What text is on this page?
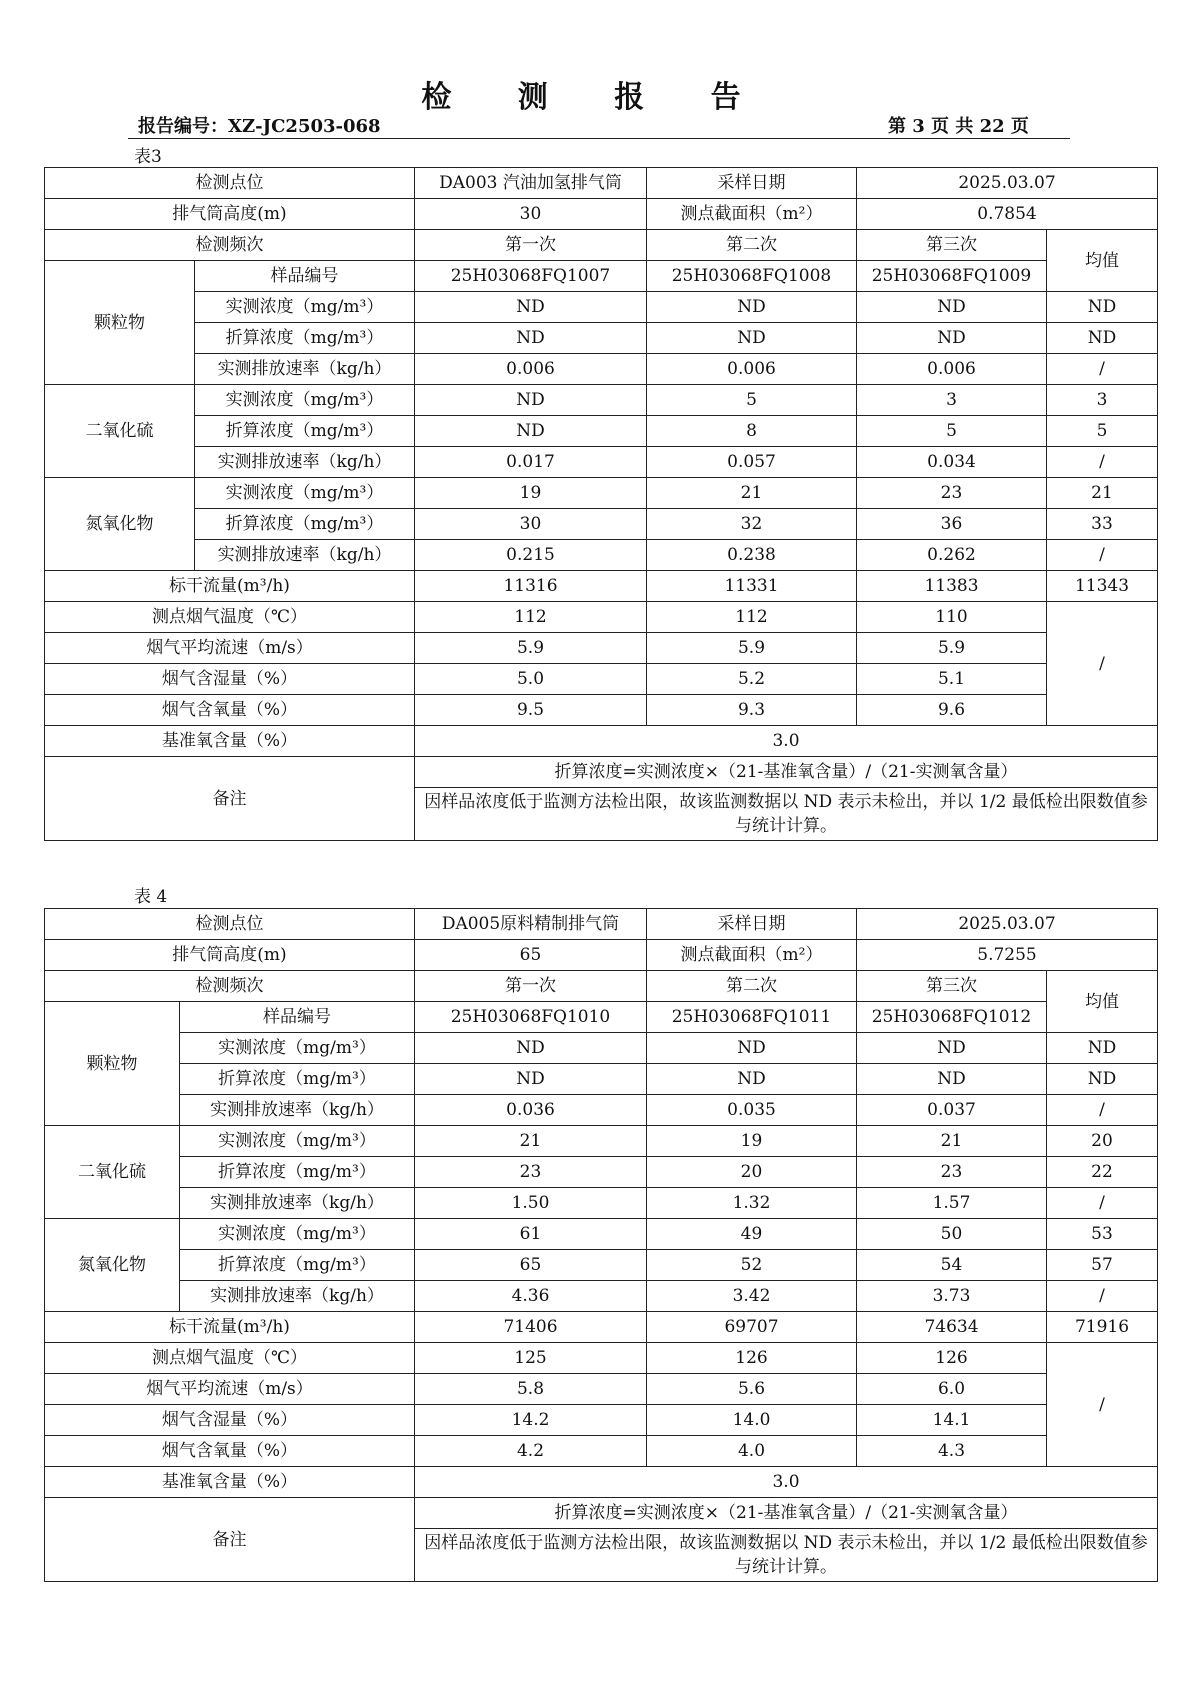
检 测 报 告
报告编号：XZ-JC2503-068	第 3 页 共 22 页
表3
检测点位		DA003 汽油加氢排气筒	采样日期	2025.03.07	
排气筒高度(m)		30	测点截面积（m²）	0.7854	
检测频次		第一次	第二次	第三次	均值
颗粒物	样品编号	25H03068FQ1007	25H03068FQ1008	25H03068FQ1009	
	实测浓度（mg/m³）	ND	ND	ND	ND
	折算浓度（mg/m³）	ND	ND	ND	ND
	实测排放速率（kg/h）	0.006	0.006	0.006	/
二氧化硫	实测浓度（mg/m³）	ND	5	3	3
	折算浓度（mg/m³）	ND	8	5	5
	实测排放速率（kg/h）	0.017	0.057	0.034	/
氮氧化物	实测浓度（mg/m³）	19	21	23	21
	折算浓度（mg/m³）	30	32	36	33
	实测排放速率（kg/h）	0.215	0.238	0.262	/
标干流量(m³/h)		11316	11331	11383	11343
测点烟气温度（℃）		112	112	110	/
烟气平均流速（m/s）		5.9	5.9	5.9	
烟气含湿量（%）		5.0	5.2	5.1	
烟气含氧量（%）		9.5	9.3	9.6	
基准氧含量（%）		3.0			
备注		折算浓度=实测浓度×（21-基准氧含量）/（21-实测氧含量）			
		因样品浓度低于监测方法检出限，故该监测数据以 ND 表示未检出，并以 1/2 最低检出限数值参与统计计算。			
表 4
检测点位		DA005原料精制排气筒	采样日期	2025.03.07	
排气筒高度(m)		65	测点截面积（m²）	5.7255	
检测频次		第一次	第二次	第三次	均值
颗粒物	样品编号	25H03068FQ1010	25H03068FQ1011	25H03068FQ1012	
	实测浓度（mg/m³）	ND	ND	ND	ND
	折算浓度（mg/m³）	ND	ND	ND	ND
	实测排放速率（kg/h）	0.036	0.035	0.037	/
二氧化硫	实测浓度（mg/m³）	21	19	21	20
	折算浓度（mg/m³）	23	20	23	22
	实测排放速率（kg/h）	1.50	1.32	1.57	/
氮氧化物	实测浓度（mg/m³）	61	49	50	53
	折算浓度（mg/m³）	65	52	54	57
	实测排放速率（kg/h）	4.36	3.42	3.73	/
标干流量(m³/h)		71406	69707	74634	71916
测点烟气温度（℃）		125	126	126	/
烟气平均流速（m/s）		5.8	5.6	6.0	
烟气含湿量（%）		14.2	14.0	14.1	
烟气含氧量（%）		4.2	4.0	4.3	
基准氧含量（%）		3.0			
备注		折算浓度=实测浓度×（21-基准氧含量）/（21-实测氧含量）			
		因样品浓度低于监测方法检出限，故该监测数据以 ND 表示未检出，并以 1/2 最低检出限数值参与统计计算。			
